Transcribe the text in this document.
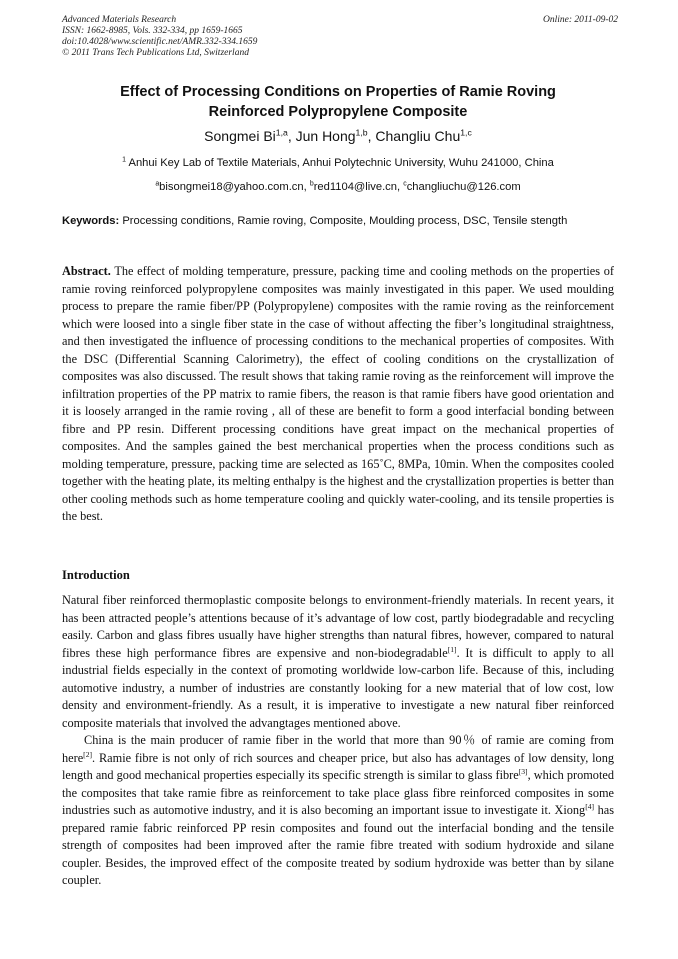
Advanced Materials Research
ISSN: 1662-8985, Vols. 332-334, pp 1659-1665
doi:10.4028/www.scientific.net/AMR.332-334.1659
© 2011 Trans Tech Publications Ltd, Switzerland
Online: 2011-09-02
Effect of Processing Conditions on Properties of Ramie Roving
Reinforced Polypropylene Composite
Songmei Bi$^{1,a}$, Jun Hong$^{1,b}$, Changliu Chu$^{1,c}$
$^1$ Anhui Key Lab of Textile Materials, Anhui Polytechnic University, Wuhu 241000, China
$^a$bisongmei18@yahoo.com.cn, $^b$red1104@live.cn, $^c$changliuchu@126.com
Keywords: Processing conditions, Ramie roving, Composite, Moulding process, DSC, Tensile stength
Abstract. The effect of molding temperature, pressure, packing time and cooling methods on the properties of ramie roving reinforced polypropylene composites was mainly investigated in this paper. We used moulding process to prepare the ramie fiber/PP (Polypropylene) composites with the ramie roving as the reinforcement which were loosed into a single fiber state in the case of without affecting the fiber’s longitudinal straightness, and then investigated the influence of processing conditions to the mechanical properties of composites. With the DSC (Differential Scanning Calorimetry), the effect of cooling conditions on the crystallization of composites was also discussed. The result shows that taking ramie roving as the reinforcement will improve the infiltration properties of the PP matrix to ramie fibers, the reason is that ramie fibers have good orientation and it is loosely arranged in the ramie roving , all of these are benefit to form a good interfacial bonding between fibre and PP resin. Different processing conditions have great impact on the mechanical properties of composites. And the samples gained the best merchanical properties when the process conditions such as molding temperature, pressure, packing time are selected as 165˚C, 8MPa, 10min. When the composites cooled together with the heating plate, its melting enthalpy is the highest and the crystallization properties is better than other cooling methods such as home temperature cooling and quickly water-cooling, and its tensile properties is the best.
Introduction

Natural fiber reinforced thermoplastic composite belongs to environment-friendly materials. In recent years, it has been attracted people’s attentions because of it’s advantage of low cost, partly biodegradable and recycling easily. Carbon and glass fibres usually have higher strengths than natural fibres, however, compared to natural fibres these high performance fibres are expensive and non-biodegradable[1]. It is difficult to apply to all industrial fields especially in the context of promoting worldwide low-carbon life. Because of this, including automotive industry, a number of industries are constantly looking for a new material that of low cost, low density and environment-friendly. As a result, it is imperative to investigate a new natural fiber reinforced composite materials that involved the advangtages mentioned above.

China is the main producer of ramie fiber in the world that more than 90％ of ramie are coming from here[2]. Ramie fibre is not only of rich sources and cheaper price, but also has advantages of low density, long length and good mechanical properties especially its specific strength is similar to glass fibre[3], which promoted the composites that take ramie fibre as reinforcement to take place glass fibre reinforced composites in some industries such as automotive industry, and it is also becoming an important issue to investigate it. Xiong[4] has prepared ramie fabric reinforced PP resin composites and found out the interfacial bonding and the tensile strength of composites had been improved after the ramie fibre treated with sodium hydroxide and silane coupler. Besides, the improved effect of the composite treated by sodium hydroxide was better than by silane coupler.
